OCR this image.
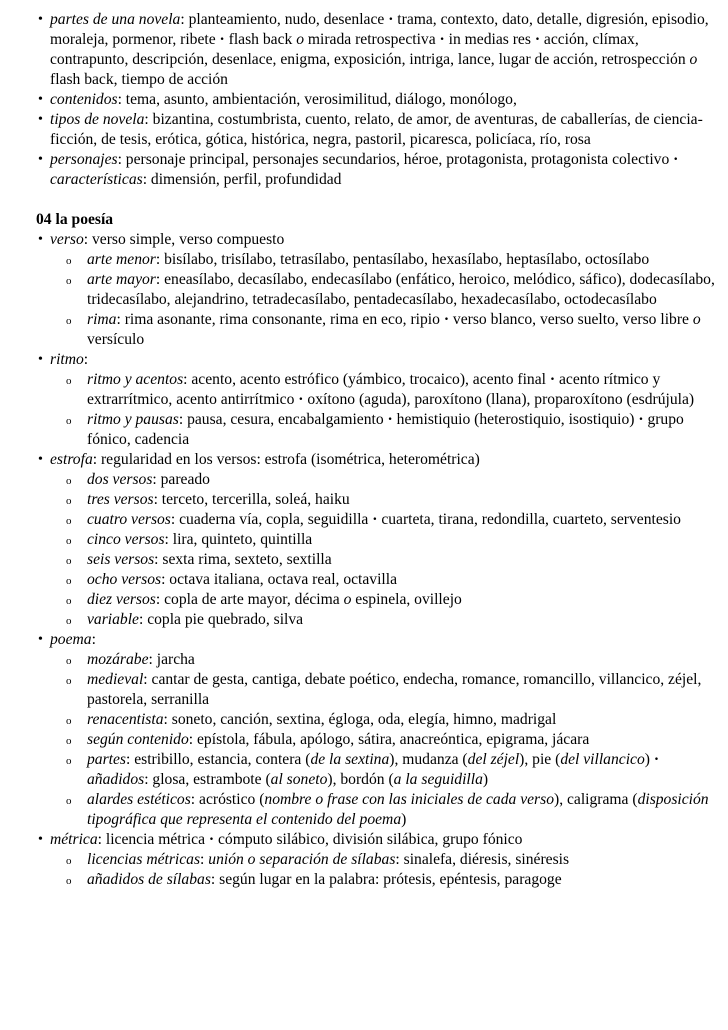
• partes de una novela: planteamiento, nudo, desenlace · trama, contexto, dato, detalle, digresión, episodio, moraleja, pormenor, ribete · flash back o mirada retrospectiva · in medias res · acción, clímax, contrapunto, descripción, desenlace, enigma, exposición, intriga, lance, lugar de acción, retrospección o flash back, tiempo de acción
• contenidos: tema, asunto, ambientación, verosimilitud, diálogo, monólogo,
• tipos de novela: bizantina, costumbrista, cuento, relato, de amor, de aventuras, de caballerías, de ciencia-ficción, de tesis, erótica, gótica, histórica, negra, pastoril, picaresca, policíaca, río, rosa
• personajes: personaje principal, personajes secundarios, héroe, protagonista, protagonista colectivo · características: dimensión, perfil, profundidad
04 la poesía
• verso: verso simple, verso compuesto
o arte menor: bisílabo, trisílabo, tetrasílabo, pentasílabo, hexasílabo, heptasílabo, octosílabo
o arte mayor: eneasílabo, decasílabo, endecasílabo (enfático, heroico, melódico, sáfico), dodecasílabo, tridecasílabo, alejandrino, tetradecasílabo, pentadecasílabo, hexadecasílabo, octodecasílabo
o rima: rima asonante, rima consonante, rima en eco, ripio · verso blanco, verso suelto, verso libre o versículo
• ritmo:
o ritmo y acentos: acento, acento estrófico (yámbico, trocaico), acento final · acento rítmico y extrarrítmico, acento antirrítmico · oxítono (aguda), paroxítono (llana), proparoxítono (esdrújula)
o ritmo y pausas: pausa, cesura, encabalgamiento · hemistiquio (heterostiquio, isostiquio) · grupo fónico, cadencia
• estrofa: regularidad en los versos: estrofa (isométrica, heterométrica)
o dos versos: pareado
o tres versos: terceto, tercerilla, soleá, haiku
o cuatro versos: cuaderna vía, copla, seguidilla · cuarteta, tirana, redondilla, cuarteto, serventesio
o cinco versos: lira, quinteto, quintilla
o seis versos: sexta rima, sexteto, sextilla
o ocho versos: octava italiana, octava real, octavilla
o diez versos: copla de arte mayor, décima o espinela, ovillejo
o variable: copla pie quebrado, silva
• poema:
o mozárabe: jarcha
o medieval: cantar de gesta, cantiga, debate poético, endecha, romance, romancillo, villancico, zéjel, pastorela, serranilla
o renacentista: soneto, canción, sextina, égloga, oda, elegía, himno, madrigal
o según contenido: epístola, fábula, apólogo, sátira, anacreóntica, epigrama, jácara
o partes: estribillo, estancia, contera (de la sextina), mudanza (del zéjel), pie (del villancico) · añadidos: glosa, estrambote (al soneto), bordón (a la seguidilla)
o alardes estéticos: acróstico (nombre o frase con las iniciales de cada verso), caligrama (disposición tipográfica que representa el contenido del poema)
• métrica: licencia métrica · cómputo silábico, división silábica, grupo fónico
o licencias métricas: unión o separación de sílabas: sinalefa, diéresis, sinéresis
o añadidos de sílabas: según lugar en la palabra: prótesis, epéntesis, paragoge
